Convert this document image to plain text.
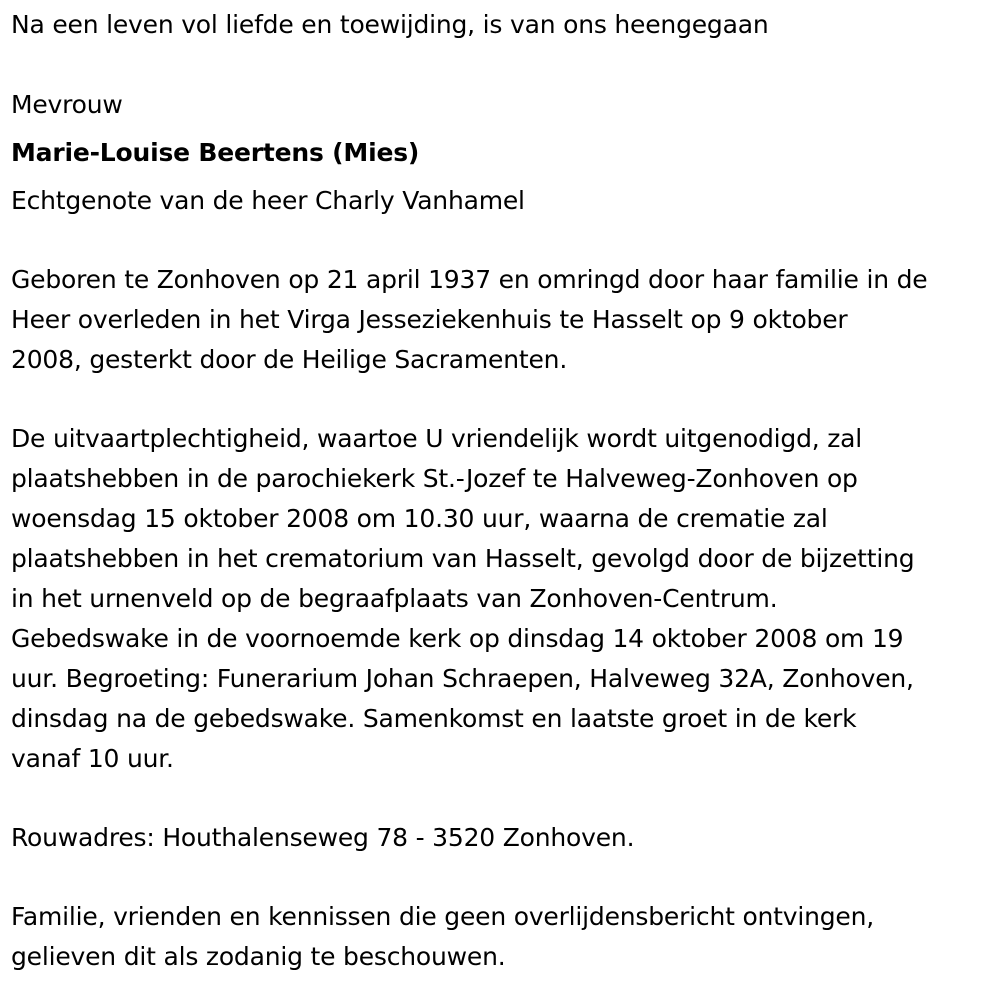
Na een leven vol liefde en toewijding, is van ons heengegaan

Mevrouw

Marie-Louise Beertens (Mies)

Echtgenote van de heer Charly Vanhamel

Geboren te Zonhoven op 21 april 1937 en omringd door haar familie in de

Heer overleden in het Virga Jesseziekenhuis te Hasselt op 9 oktober

2008, gesterkt door de Heilige Sacramenten.

De uitvaartplechtigheid, waartoe U vriendelijk wordt uitgenodigd, zal

plaatshebben in de parochiekerk St.-Jozef te Halveweg-Zonhoven op

woensdag 15 oktober 2008 om 10.30 uur, waarna de crematie zal

plaatshebben in het crematorium van Hasselt, gevolgd door de bijzetting

in het urnenveld op de begraafplaats van Zonhoven-Centrum.

Gebedswake in de voornoemde kerk op dinsdag 14 oktober 2008 om 19

uur. Begroeting: Funerarium Johan Schraepen, Halveweg 32A, Zonhoven,

dinsdag na de gebedswake. Samenkomst en laatste groet in de kerk

vanaf 10 uur.

Rouwadres: Houthalenseweg 78 - 3520 Zonhoven.

Familie, vrienden en kennissen die geen overlijdensbericht ontvingen,

gelieven dit als zodanig te beschouwen.
